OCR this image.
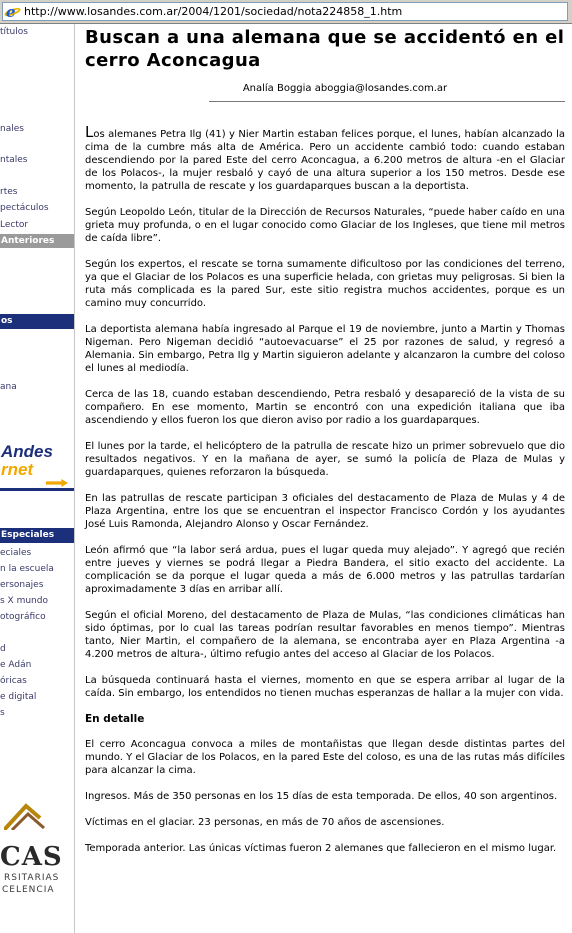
e http://www.losandes.com.ar/2004/1201/sociedad/nota224858_1.htm
títulos
nales
ntales
rtes
pectáculos
Lector
Anteriores
os
ana
Andes
rnet
Especiales
eciales
n la escuela
ersonajes
s X mundo
otográfico
d
e Adán
óricas
e digital
s
CAS
RSITARIAS
CELENCIA
Buscan a una alemana que se accidentó en el cerro Aconcagua
Analía Boggia aboggia@losandes.com.ar

Los alemanes Petra Ilg (41) y Nier Martin estaban felices porque, el lunes, habían alcanzado la cima de la cumbre más alta de América. Pero un accidente cambió todo: cuando estaban descendiendo por la pared Este del cerro Aconcagua, a 6.200 metros de altura -en el Glaciar de los Polacos-, la mujer resbaló y cayó de una altura superior a los 150 metros. Desde ese momento, la patrulla de rescate y los guardaparques buscan a la deportista.

Según Leopoldo León, titular de la Dirección de Recursos Naturales, “puede haber caído en una grieta muy profunda, o en el lugar conocido como Glaciar de los Ingleses, que tiene mil metros de caída libre”.

Según los expertos, el rescate se torna sumamente dificultoso por las condiciones del terreno, ya que el Glaciar de los Polacos es una superficie helada, con grietas muy peligrosas. Si bien la ruta más complicada es la pared Sur, este sitio registra muchos accidentes, porque es un camino muy concurrido.

La deportista alemana había ingresado al Parque el 19 de noviembre, junto a Martin y Thomas Nigeman. Pero Nigeman decidió “autoevacuarse” el 25 por razones de salud, y regresó a Alemania. Sin embargo, Petra Ilg y Martin siguieron adelante y alcanzaron la cumbre del coloso el lunes al mediodía.

Cerca de las 18, cuando estaban descendiendo, Petra resbaló y desapareció de la vista de su compañero. En ese momento, Martin se encontró con una expedición italiana que iba ascendiendo y ellos fueron los que dieron aviso por radio a los guardaparques.

El lunes por la tarde, el helicóptero de la patrulla de rescate hizo un primer sobrevuelo que dio resultados negativos. Y en la mañana de ayer, se sumó la policía de Plaza de Mulas y guardaparques, quienes reforzaron la búsqueda.

En las patrullas de rescate participan 3 oficiales del destacamento de Plaza de Mulas y 4 de Plaza Argentina, entre los que se encuentran el inspector Francisco Cordón y los ayudantes José Luis Ramonda, Alejandro Alonso y Oscar Fernández.

León afirmó que “la labor será ardua, pues el lugar queda muy alejado”. Y agregó que recién entre jueves y viernes se podrá llegar a Piedra Bandera, el sitio exacto del accidente. La complicación se da porque el lugar queda a más de 6.000 metros y las patrullas tardarían aproximadamente 3 días en arribar allí.

Según el oficial Moreno, del destacamento de Plaza de Mulas, “las condiciones climáticas han sido óptimas, por lo cual las tareas podrían resultar favorables en menos tiempo”. Mientras tanto, Nier Martin, el compañero de la alemana, se encontraba ayer en Plaza Argentina -a 4.200 metros de altura-, último refugio antes del acceso al Glaciar de los Polacos.

La búsqueda continuará hasta el viernes, momento en que se espera arribar al lugar de la caída. Sin embargo, los entendidos no tienen muchas esperanzas de hallar a la mujer con vida.

En detalle

El cerro Aconcagua convoca a miles de montañistas que llegan desde distintas partes del mundo. Y el Glaciar de los Polacos, en la pared Este del coloso, es una de las rutas más difíciles para alcanzar la cima.

Ingresos. Más de 350 personas en los 15 días de esta temporada. De ellos, 40 son argentinos.

Víctimas en el glaciar. 23 personas, en más de 70 años de ascensiones.

Temporada anterior. Las únicas víctimas fueron 2 alemanes que fallecieron en el mismo lugar.
